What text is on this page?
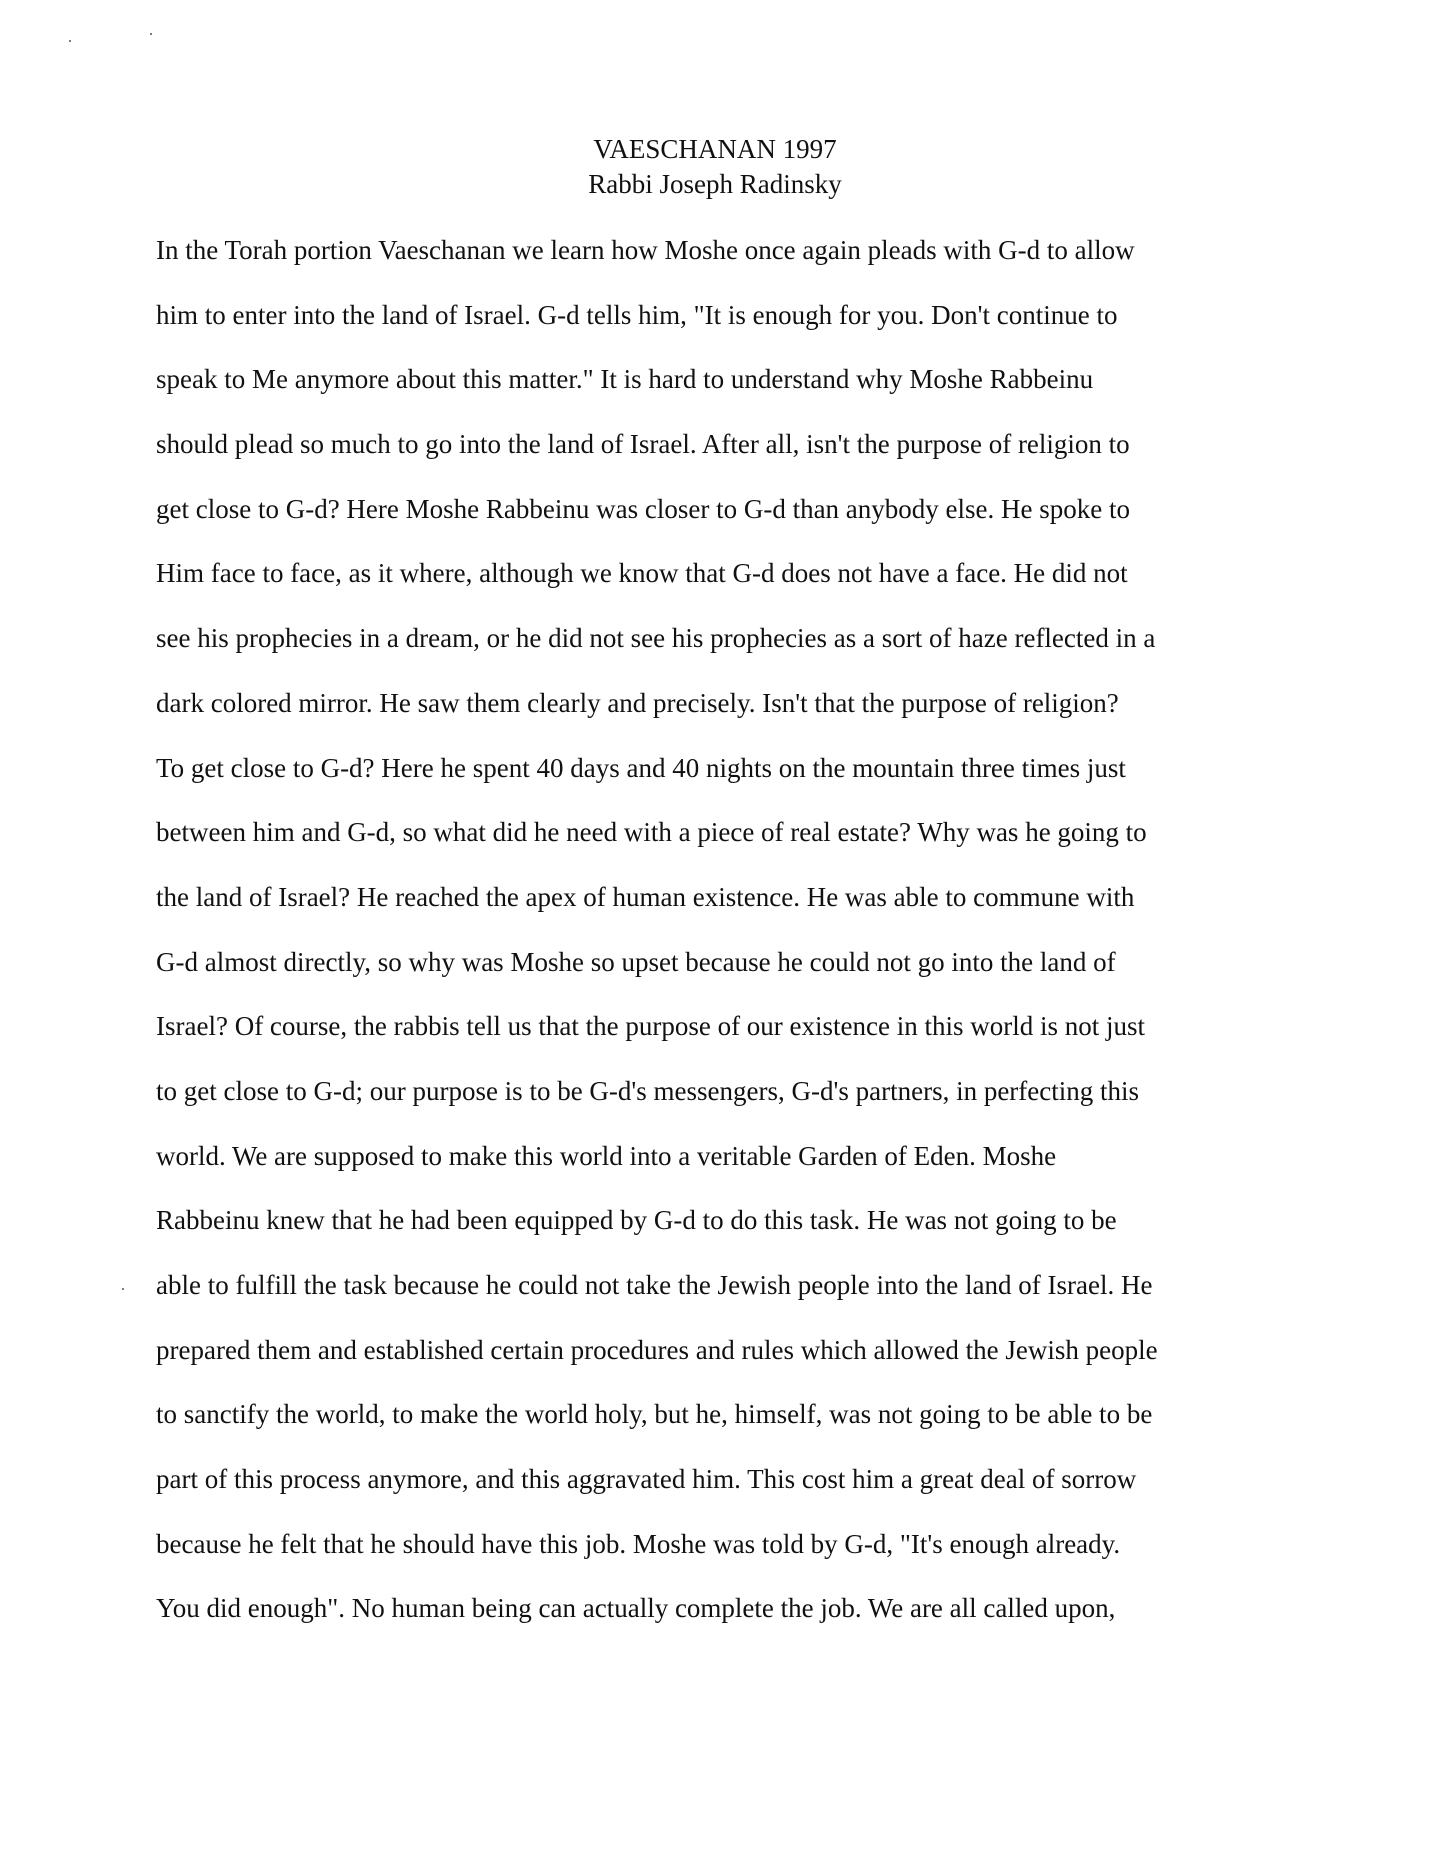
VAESCHANAN 1997
Rabbi Joseph Radinsky
In the Torah portion Vaeschanan we learn how Moshe once again pleads with G-d to allow
him to enter into the land of Israel. G-d tells him, "It is enough for you. Don't continue to
speak to Me anymore about this matter." It is hard to understand why Moshe Rabbeinu
should plead so much to go into the land of Israel. After all, isn't the purpose of religion to
get close to G-d? Here Moshe Rabbeinu was closer to G-d than anybody else. He spoke to
Him face to face, as it where, although we know that G-d does not have a face. He did not
see his prophecies in a dream, or he did not see his prophecies as a sort of haze reflected in a
dark colored mirror. He saw them clearly and precisely. Isn't that the purpose of religion?
To get close to G-d? Here he spent 40 days and 40 nights on the mountain three times just
between him and G-d, so what did he need with a piece of real estate? Why was he going to
the land of Israel? He reached the apex of human existence. He was able to commune with
G-d almost directly, so why was Moshe so upset because he could not go into the land of
Israel? Of course, the rabbis tell us that the purpose of our existence in this world is not just
to get close to G-d; our purpose is to be G-d's messengers, G-d's partners, in perfecting this
world. We are supposed to make this world into a veritable Garden of Eden. Moshe
Rabbeinu knew that he had been equipped by G-d to do this task. He was not going to be
able to fulfill the task because he could not take the Jewish people into the land of Israel. He
prepared them and established certain procedures and rules which allowed the Jewish people
to sanctify the world, to make the world holy, but he, himself, was not going to be able to be
part of this process anymore, and this aggravated him. This cost him a great deal of sorrow
because he felt that he should have this job. Moshe was told by G-d, "It's enough already.
You did enough". No human being can actually complete the job. We are all called upon,
